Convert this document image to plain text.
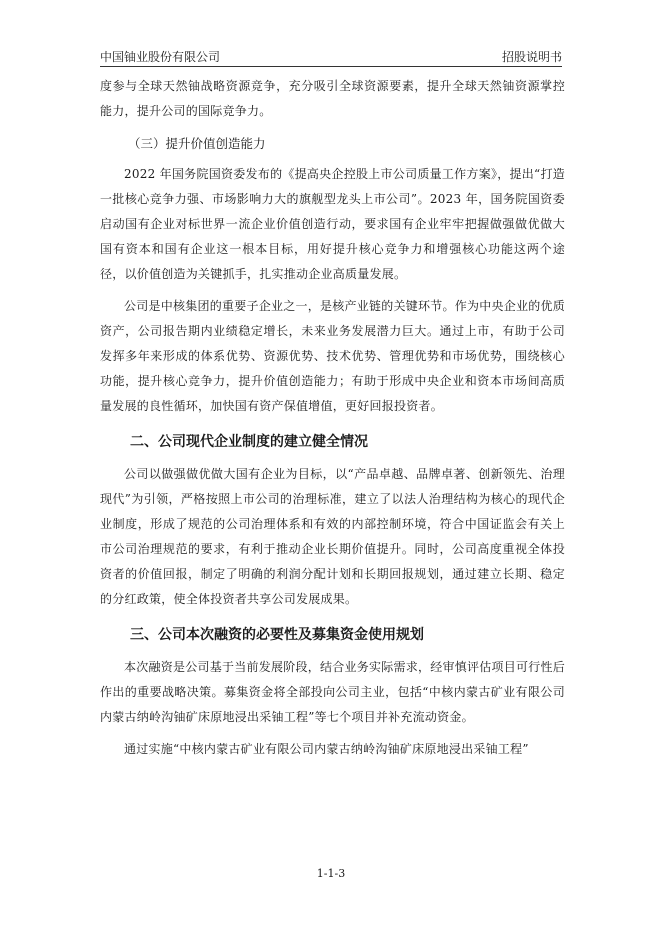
中国铀业股份有限公司	招股说明书

度参与全球天然铀战略资源竞争，充分吸引全球资源要素，提升全球天然铀资源掌控能力，提升公司的国际竞争力。

（三）提升价值创造能力

2022 年国务院国资委发布的《提高央企控股上市公司质量工作方案》，提出“打造一批核心竞争力强、市场影响力大的旗舰型龙头上市公司”。2023 年，国务院国资委启动国有企业对标世界一流企业价值创造行动，要求国有企业牢牢把握做强做优做大国有资本和国有企业这一根本目标，用好提升核心竞争力和增强核心功能这两个途径，以价值创造为关键抓手，扎实推动企业高质量发展。

公司是中核集团的重要子企业之一，是核产业链的关键环节。作为中央企业的优质资产，公司报告期内业绩稳定增长，未来业务发展潜力巨大。通过上市，有助于公司发挥多年来形成的体系优势、资源优势、技术优势、管理优势和市场优势，围绕核心功能，提升核心竞争力，提升价值创造能力；有助于形成中央企业和资本市场间高质量发展的良性循环，加快国有资产保值增值，更好回报投资者。

二、公司现代企业制度的建立健全情况

公司以做强做优做大国有企业为目标，以“产品卓越、品牌卓著、创新领先、治理现代”为引领，严格按照上市公司的治理标准，建立了以法人治理结构为核心的现代企业制度，形成了规范的公司治理体系和有效的内部控制环境，符合中国证监会有关上市公司治理规范的要求，有利于推动企业长期价值提升。同时，公司高度重视全体投资者的价值回报，制定了明确的利润分配计划和长期回报规划，通过建立长期、稳定的分红政策，使全体投资者共享公司发展成果。

三、公司本次融资的必要性及募集资金使用规划

本次融资是公司基于当前发展阶段，结合业务实际需求，经审慎评估项目可行性后作出的重要战略决策。募集资金将全部投向公司主业，包括“中核内蒙古矿业有限公司内蒙古纳岭沟铀矿床原地浸出采铀工程”等七个项目并补充流动资金。

通过实施“中核内蒙古矿业有限公司内蒙古纳岭沟铀矿床原地浸出采铀工程”

1-1-3
